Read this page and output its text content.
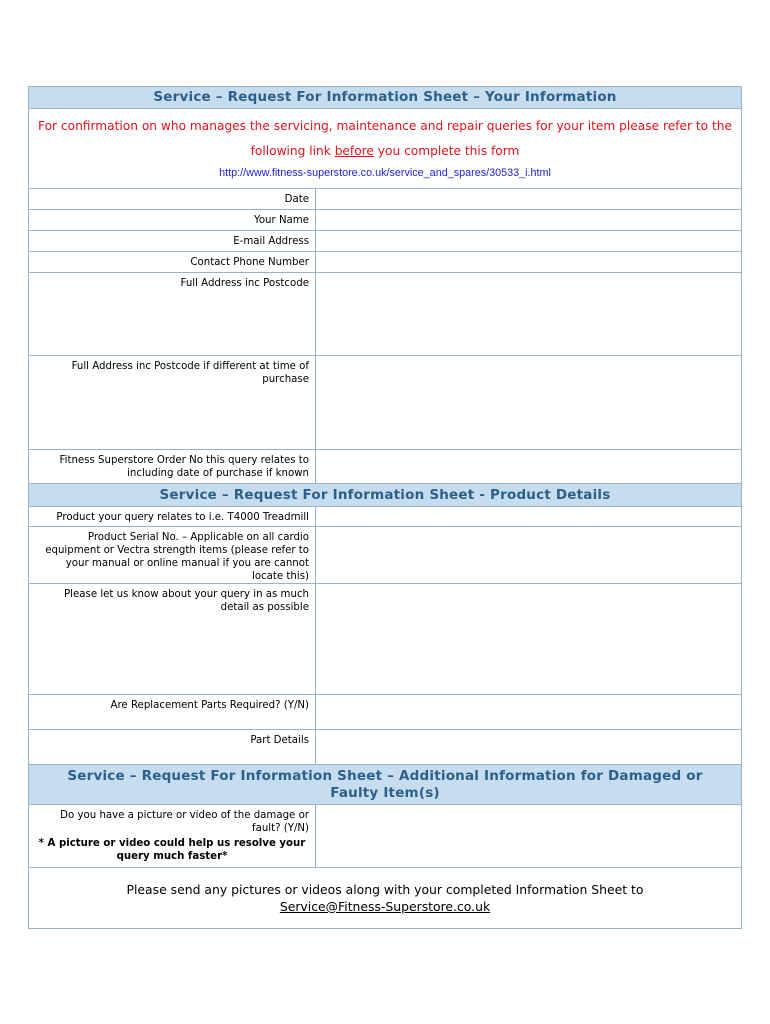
Service – Request For Information Sheet – Your Information	

For confirmation on who manages the servicing, maintenance and repair queries for your item please refer to the following link before you complete this form
http://www.fitness-superstore.co.uk/service_and_spares/30533_i.html	

Date	
Your Name	
E-mail Address	
Contact Phone Number	
Full Address inc Postcode	
Full Address inc Postcode if different at time of purchase	
Fitness Superstore Order No this query relates to including date of purchase if known	

Service – Request For Information Sheet - Product Details	

Product your query relates to i.e. T4000 Treadmill	
Product Serial No. – Applicable on all cardio equipment or Vectra strength items (please refer to your manual or online manual if you are cannot locate this)	
Please let us know about your query in as much detail as possible	
Are Replacement Parts Required? (Y/N)	
Part Details	

Service – Request For Information Sheet – Additional Information for Damaged or Faulty Item(s)	

Do you have a picture or video of the damage or fault? (Y/N)
* A picture or video could help us resolve your query much faster*	

Please send any pictures or videos along with your completed Information Sheet to
Service@Fitness-Superstore.co.uk	
